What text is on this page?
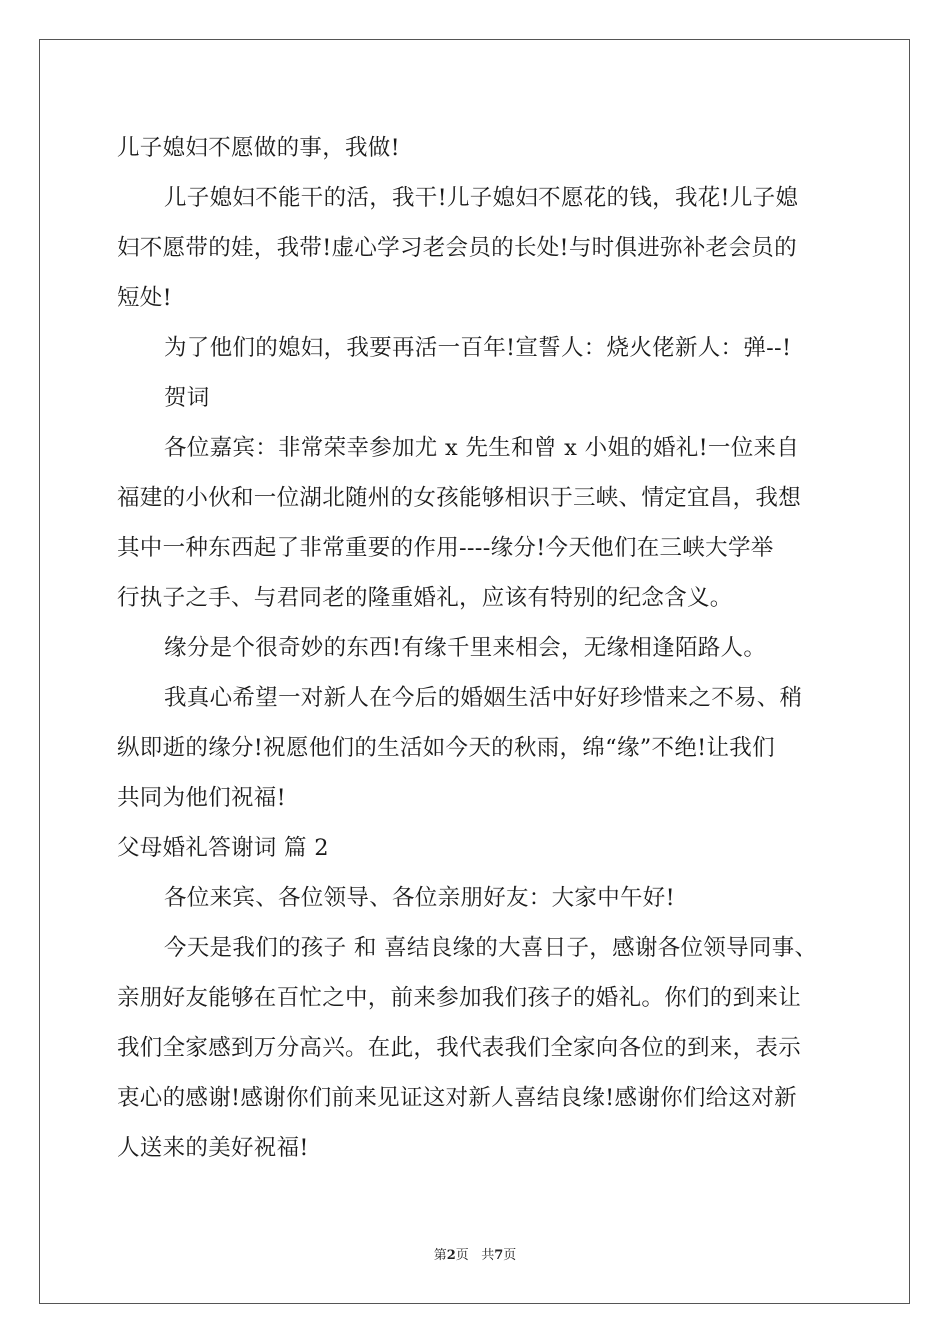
儿子媳妇不愿做的事，我做!
儿子媳妇不能干的活，我干!儿子媳妇不愿花的钱，我花!儿子媳
妇不愿带的娃，我带!虚心学习老会员的长处!与时俱进弥补老会员的
短处!
为了他们的媳妇，我要再活一百年!宣誓人：烧火佬新人：弹--!
贺词
各位嘉宾：非常荣幸参加尤 x 先生和曾 x 小姐的婚礼!一位来自
福建的小伙和一位湖北随州的女孩能够相识于三峡、情定宜昌，我想
其中一种东西起了非常重要的作用----缘分!今天他们在三峡大学举
行执子之手、与君同老的隆重婚礼，应该有特别的纪念含义。
缘分是个很奇妙的东西!有缘千里来相会，无缘相逢陌路人。
我真心希望一对新人在今后的婚姻生活中好好珍惜来之不易、稍
纵即逝的缘分!祝愿他们的生活如今天的秋雨，绵“缘”不绝!让我们
共同为他们祝福!
父母婚礼答谢词 篇 2
各位来宾、各位领导、各位亲朋好友：大家中午好!
今天是我们的孩子 和 喜结良缘的大喜日子，感谢各位领导同事、
亲朋好友能够在百忙之中，前来参加我们孩子的婚礼。你们的到来让
我们全家感到万分高兴。在此，我代表我们全家向各位的到来，表示
衷心的感谢!感谢你们前来见证这对新人喜结良缘!感谢你们给这对新
人送来的美好祝福!
第2页 共7页
